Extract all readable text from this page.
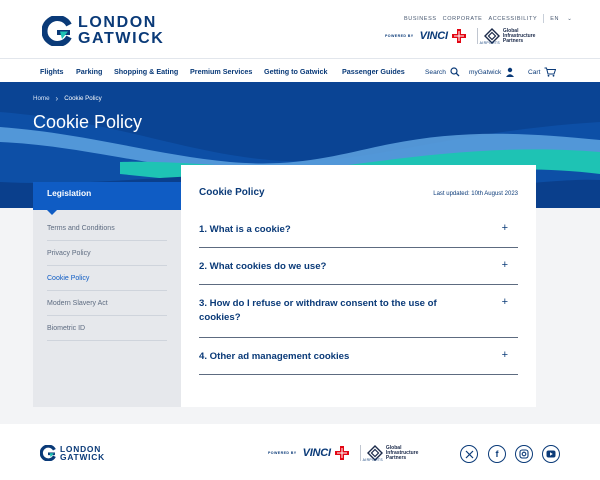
LONDON
GATWICK
BUSINESS CORPORATE ACCESSIBILITY EN ⌄
POWERED BY VINCI
AIRPORTS
Global
Infrastructure
Partners
Flights Parking Shopping & Eating Premium Services Getting to Gatwick Passenger Guides	Search	myGatwick	Cart
Home › Cookie Policy
Cookie Policy
Legislation
Terms and Conditions
Privacy Policy
Cookie Policy
Modern Slavery Act
Biometric ID
Cookie Policy	Last updated: 10th August 2023
1. What is a cookie?	+
2. What cookies do we use?	+
3. How do I refuse or withdraw consent to the use of cookies?
+
4. Other ad management cookies	+
LONDON
GATWICK	POWERED BY VINCI
AIRPORTS
Global
Infrastructure
Partners	f
